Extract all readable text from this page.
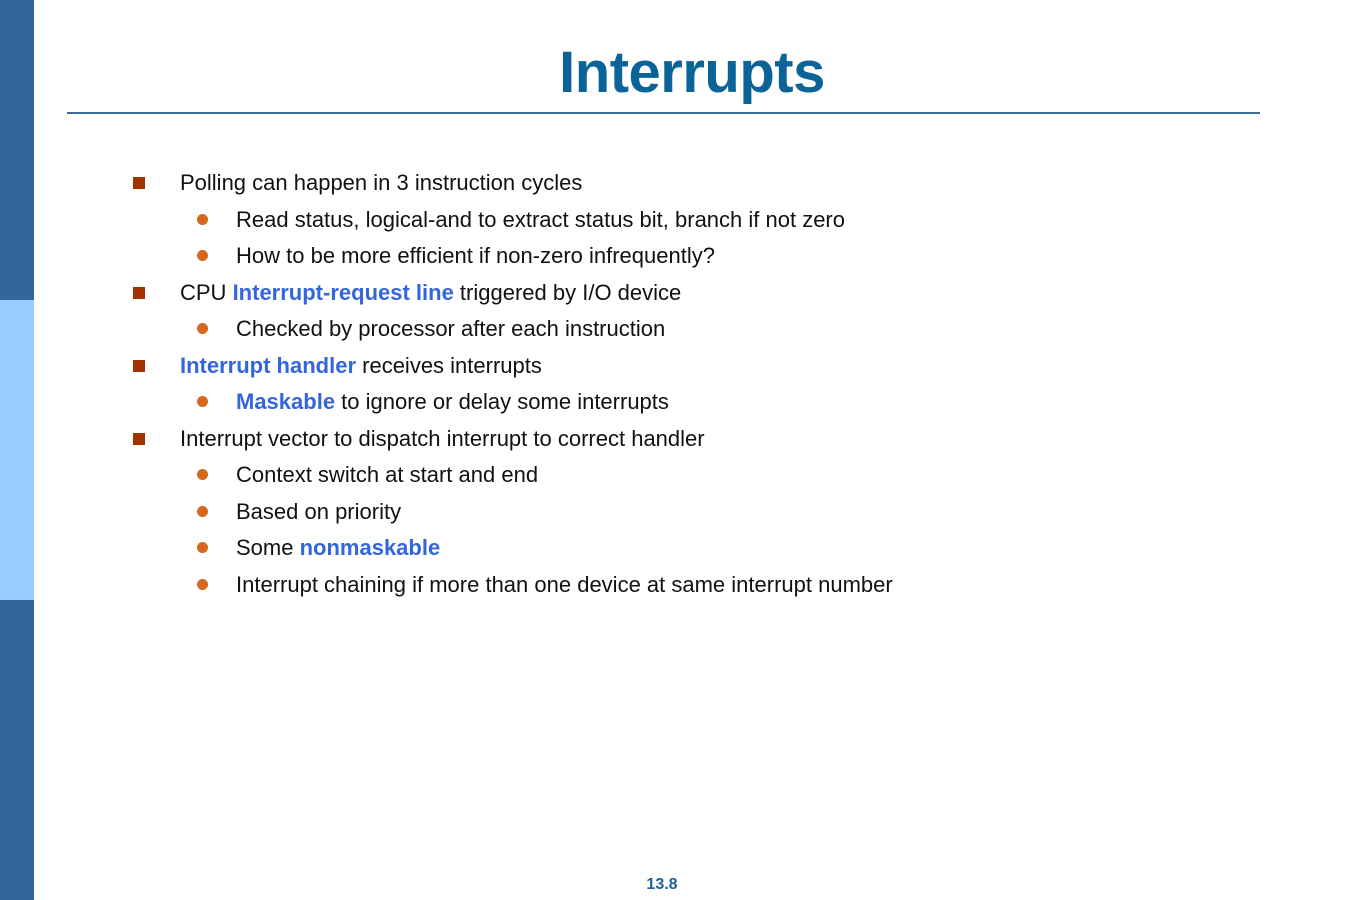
Interrupts
Polling can happen in 3 instruction cycles
Read status, logical-and to extract status bit, branch if not zero
How to be more efficient if non-zero infrequently?
CPU Interrupt-request line triggered by I/O device
Checked by processor after each instruction
Interrupt handler receives interrupts
Maskable to ignore or delay some interrupts
Interrupt vector to dispatch interrupt to correct handler
Context switch at start and end
Based on priority
Some nonmaskable
Interrupt chaining if more than one device at same interrupt number
13.8
